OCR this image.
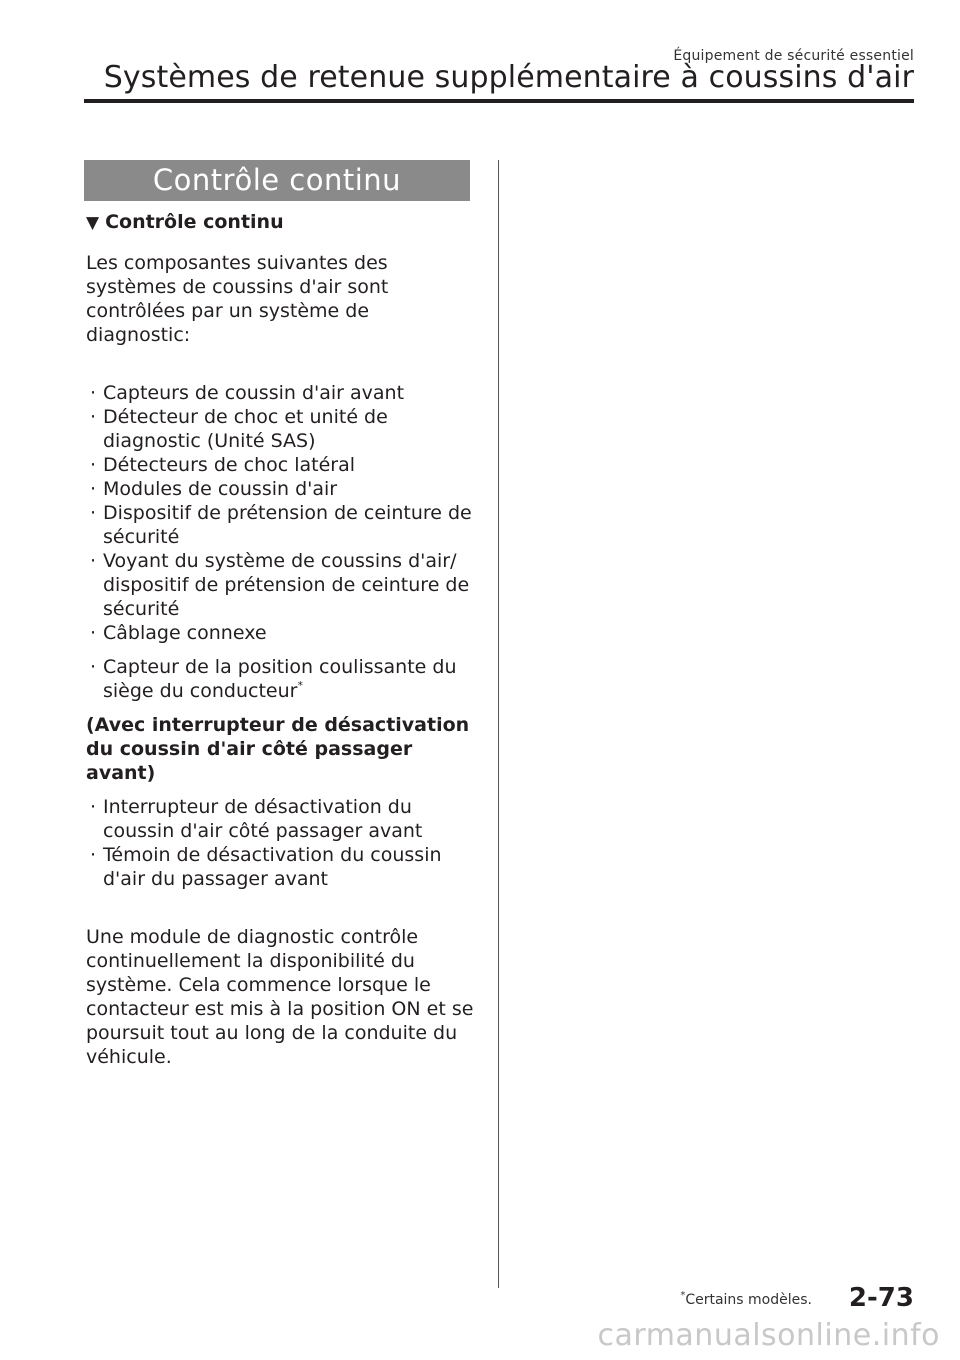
Équipement de sécurité essentiel
Systèmes de retenue supplémentaire à coussins d'air
Contrôle continu
▼ Contrôle continu

Les composantes suivantes des systèmes de coussins d'air sont contrôlées par un système de diagnostic:

· Capteurs de coussin d'air avant
· Détecteur de choc et unité de diagnostic (Unité SAS)
· Détecteurs de choc latéral
· Modules de coussin d'air
· Dispositif de prétension de ceinture de sécurité
· Voyant du système de coussins d'air/ dispositif de prétension de ceinture de sécurité
· Câblage connexe
· Capteur de la position coulissante du siège du conducteur*

(Avec interrupteur de désactivation du coussin d'air côté passager avant)

· Interrupteur de désactivation du coussin d'air côté passager avant
· Témoin de désactivation du coussin d'air du passager avant

Une module de diagnostic contrôle continuellement la disponibilité du système. Cela commence lorsque le contacteur est mis à la position ON et se poursuit tout au long de la conduite du véhicule.

*Certains modèles. 2-73
carmanualsonline.info
